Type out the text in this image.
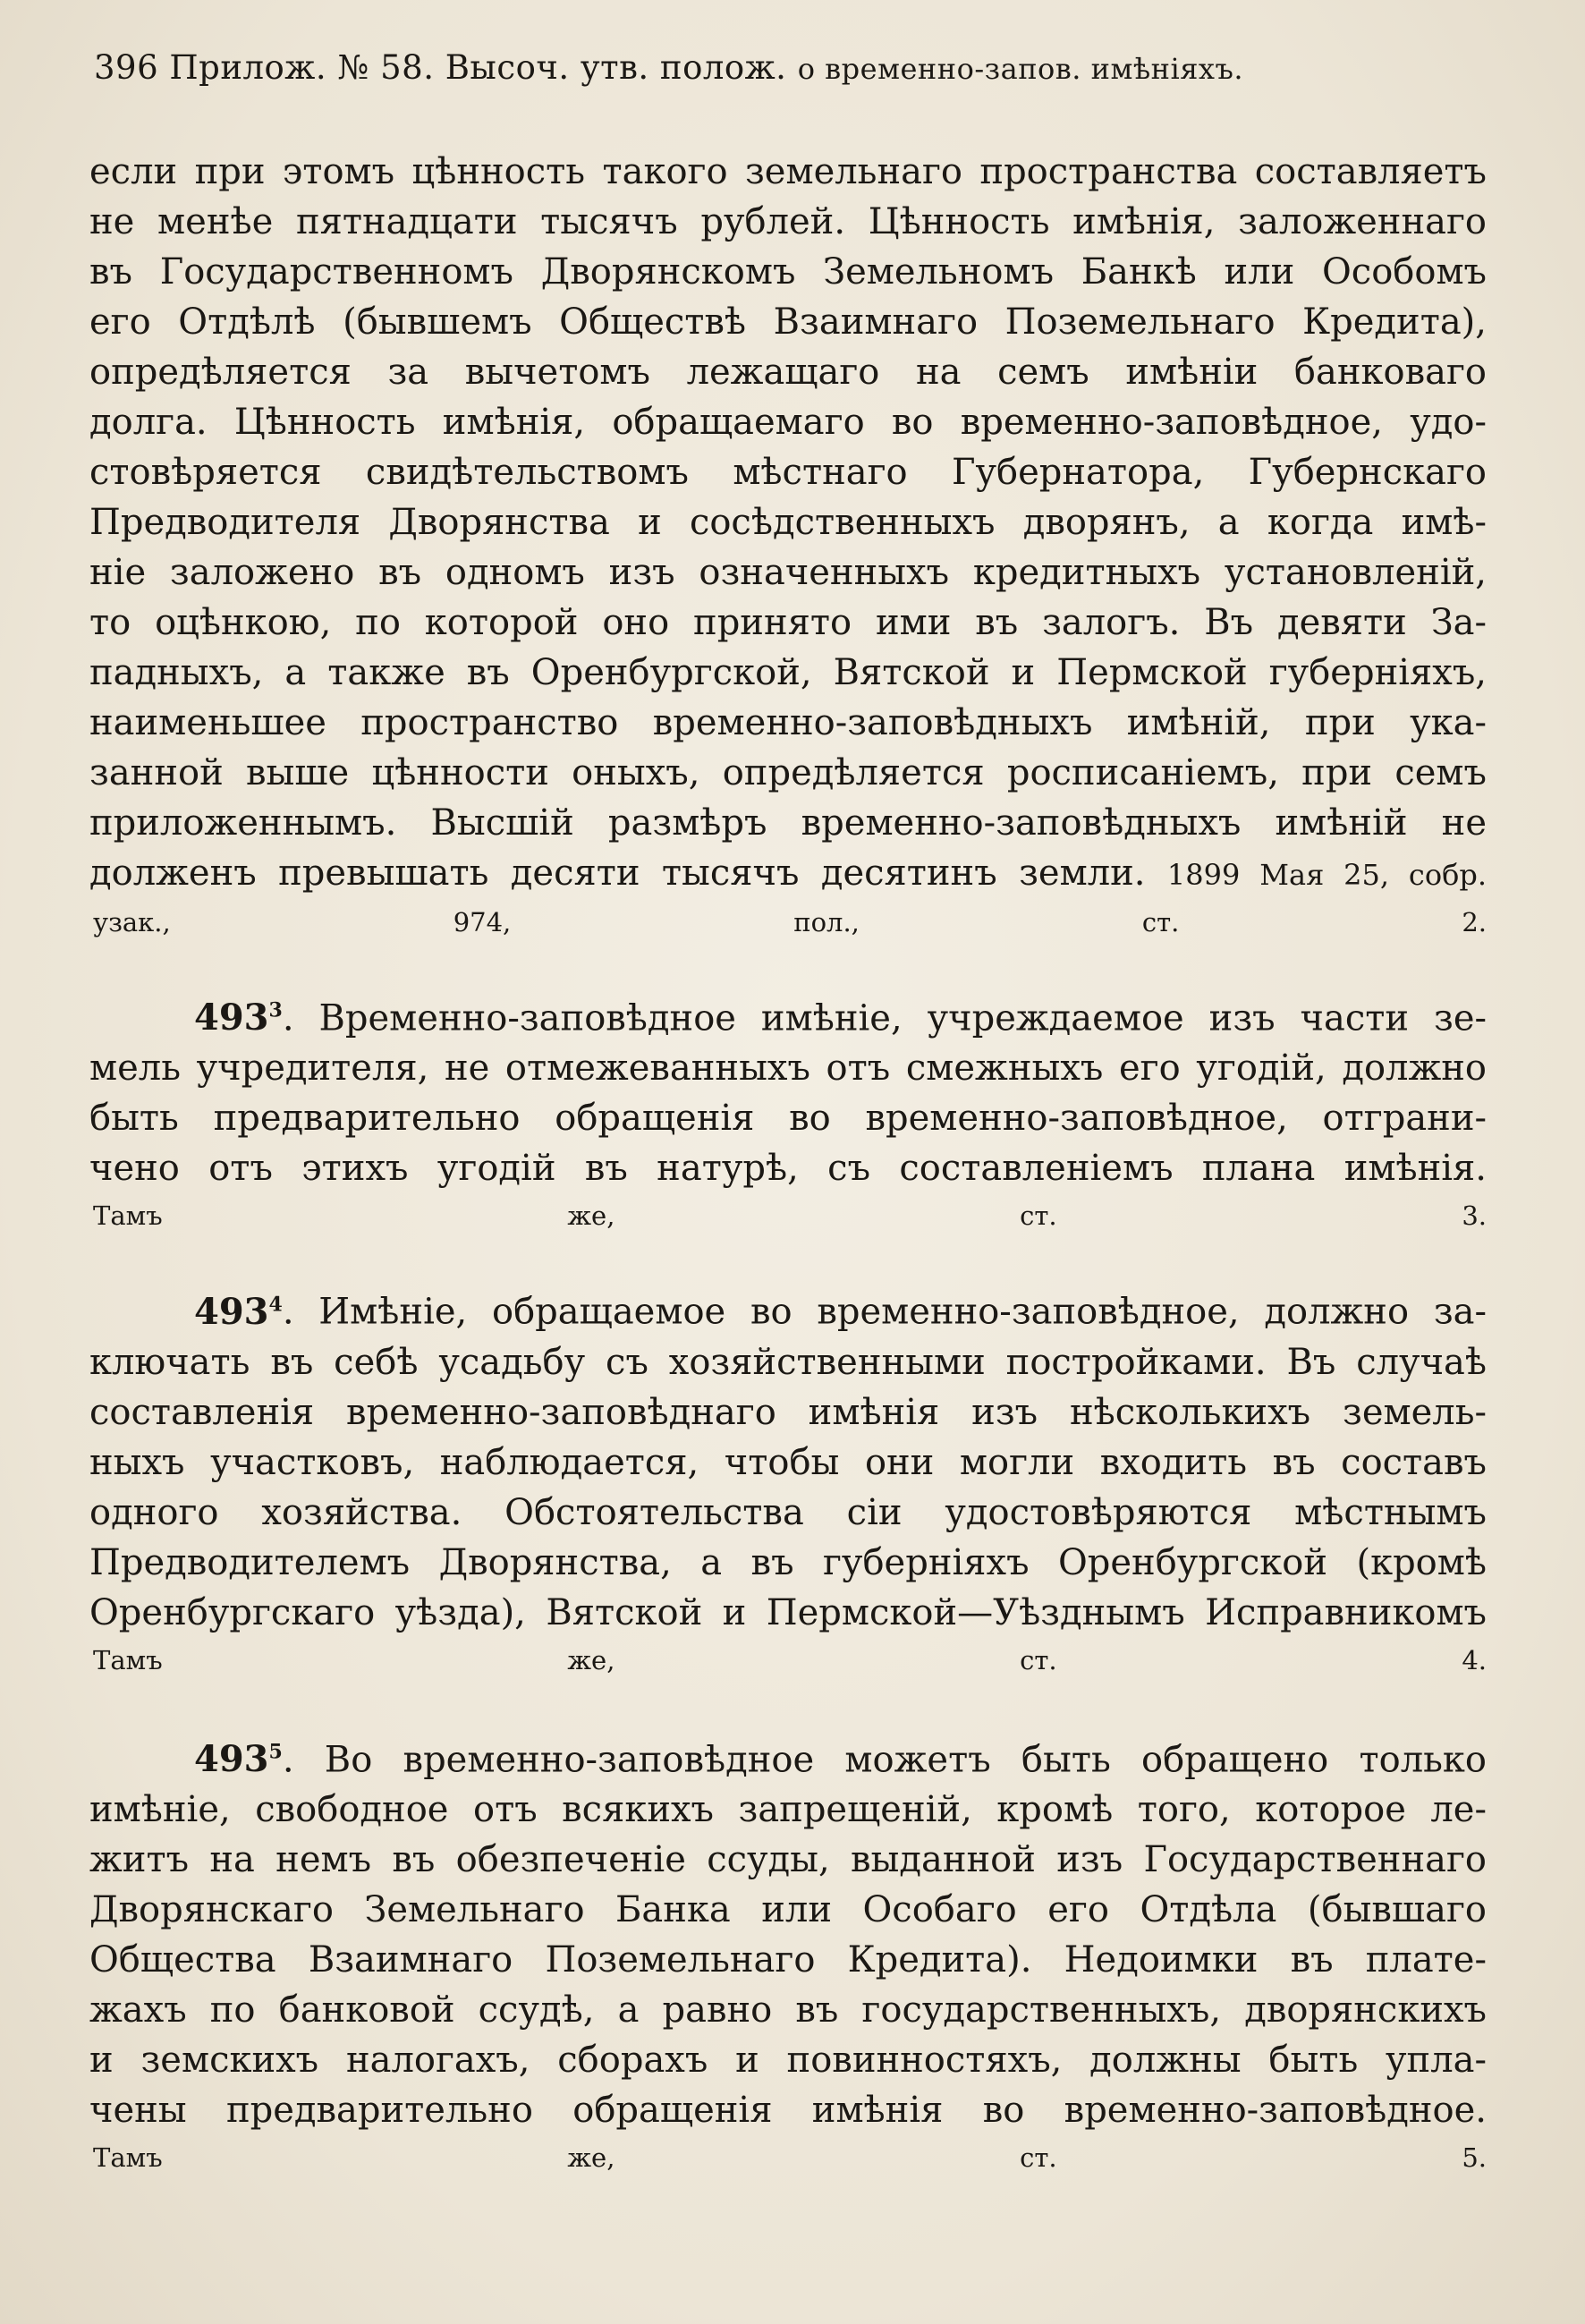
396 Прилож. № 58. Высоч. утв. полож. о временно-запов. имѣніяхъ.
если при этомъ цѣнность такого земельнаго пространства составляетъ
не менѣе пятнадцати тысячъ рублей. Цѣнность имѣнія, заложеннаго
въ Государственномъ Дворянскомъ Земельномъ Банкѣ или Особомъ
его Отдѣлѣ (бывшемъ Обществѣ Взаимнаго Поземельнаго Кредита),
опредѣляется за вычетомъ лежащаго на семъ имѣніи банковаго
долга. Цѣнность имѣнія, обращаемаго во временно-заповѣдное, удо-
стовѣряется свидѣтельствомъ мѣстнаго Губернатора, Губернскаго
Предводителя Дворянства и сосѣдственныхъ дворянъ, а когда имѣ-
ніе заложено въ одномъ изъ означенныхъ кредитныхъ установленій,
то оцѣнкою, по которой оно принято ими въ залогъ. Въ девяти За-
падныхъ, а также въ Оренбургской, Вятской и Пермской губерніяхъ,
наименьшее пространство временно-заповѣдныхъ имѣній, при ука-
занной выше цѣнности оныхъ, опредѣляется росписаніемъ, при семъ
приложеннымъ. Высшій размѣръ временно-заповѣдныхъ имѣній не
долженъ превышать десяти тысячъ десятинъ земли. 1899 Мая 25, собр.
узак., 974, пол., ст. 2.
$493^3$. Временно-заповѣдное имѣніе, учреждаемое изъ части зе-
мель учредителя, не отмежеванныхъ отъ смежныхъ его угодій, должно
быть предварительно обращенія во временно-заповѣдное, отграни-
чено отъ этихъ угодій въ натурѣ, съ составленіемъ плана имѣнія.
Тамъ же, ст. 3.
$493^4$. Имѣніе, обращаемое во временно-заповѣдное, должно за-
ключать въ себѣ усадьбу съ хозяйственными постройками. Въ случаѣ
составленія временно-заповѣднаго имѣнія изъ нѣсколькихъ земель-
ныхъ участковъ, наблюдается, чтобы они могли входить въ составъ
одного хозяйства. Обстоятельства сіи удостовѣряются мѣстнымъ
Предводителемъ Дворянства, а въ губерніяхъ Оренбургской (кромѣ
Оренбургскаго уѣзда), Вятской и Пермской—Уѣзднымъ Исправникомъ
Тамъ же, ст. 4.
$493^5$. Во временно-заповѣдное можетъ быть обращено только
имѣніе, свободное отъ всякихъ запрещеній, кромѣ того, которое ле-
житъ на немъ въ обезпеченіе ссуды, выданной изъ Государственнаго
Дворянскаго Земельнаго Банка или Особаго его Отдѣла (бывшаго
Общества Взаимнаго Поземельнаго Кредита). Недоимки въ плате-
жахъ по банковой ссудѣ, а равно въ государственныхъ, дворянскихъ
и земскихъ налогахъ, сборахъ и повинностяхъ, должны быть упла-
чены предварительно обращенія имѣнія во временно-заповѣдное.
Тамъ же, ст. 5.
